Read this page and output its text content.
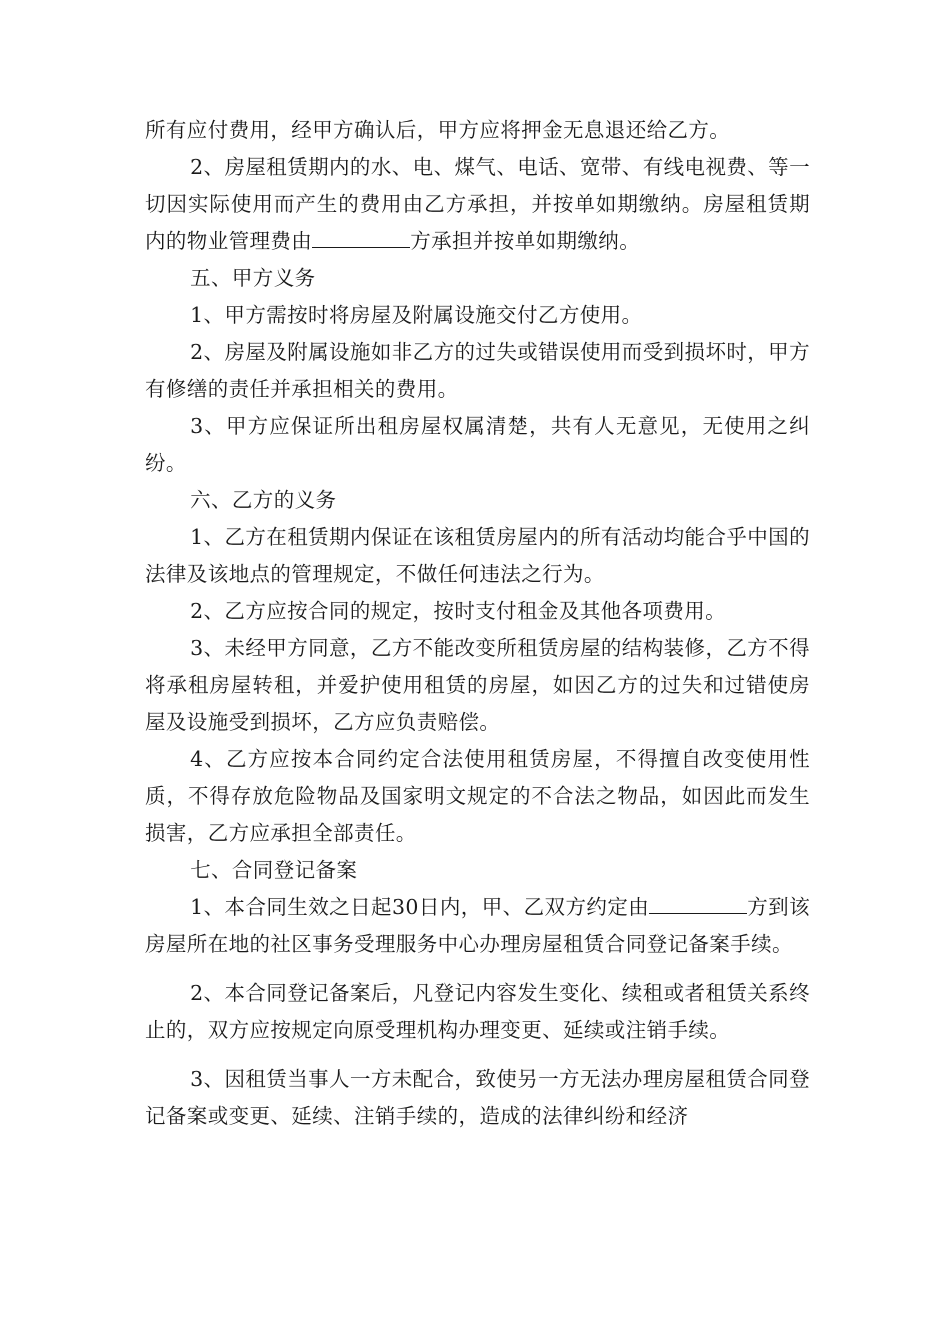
所有应付费用，经甲方确认后，甲方应将押金无息退还给乙方。

2、房屋租赁期内的水、电、煤气、电话、宽带、有线电视费、等一切因实际使用而产生的费用由乙方承担，并按单如期缴纳。房屋租赁期内的物业管理费由	方承担并按单如期缴纳。

五、甲方义务

1、甲方需按时将房屋及附属设施交付乙方使用。

2、房屋及附属设施如非乙方的过失或错误使用而受到损坏时，甲方有修缮的责任并承担相关的费用。

3、甲方应保证所出租房屋权属清楚，共有人无意见，无使用之纠纷。

六、乙方的义务

1、乙方在租赁期内保证在该租赁房屋内的所有活动均能合乎中国的法律及该地点的管理规定，不做任何违法之行为。

2、乙方应按合同的规定，按时支付租金及其他各项费用。

3、未经甲方同意，乙方不能改变所租赁房屋的结构装修，乙方不得将承租房屋转租，并爱护使用租赁的房屋，如因乙方的过失和过错使房屋及设施受到损坏，乙方应负责赔偿。

4、乙方应按本合同约定合法使用租赁房屋，不得擅自改变使用性质，不得存放危险物品及国家明文规定的不合法之物品，如因此而发生损害，乙方应承担全部责任。

七、合同登记备案

1、本合同生效之日起30日内，甲、乙双方约定由	方到该房屋所在地的社区事务受理服务中心办理房屋租赁合同登记备案手续。

2、本合同登记备案后，凡登记内容发生变化、续租或者租赁关系终止的，双方应按规定向原受理机构办理变更、延续或注销手续。

3、因租赁当事人一方未配合，致使另一方无法办理房屋租赁合同登记备案或变更、延续、注销手续的，造成的法律纠纷和经济
